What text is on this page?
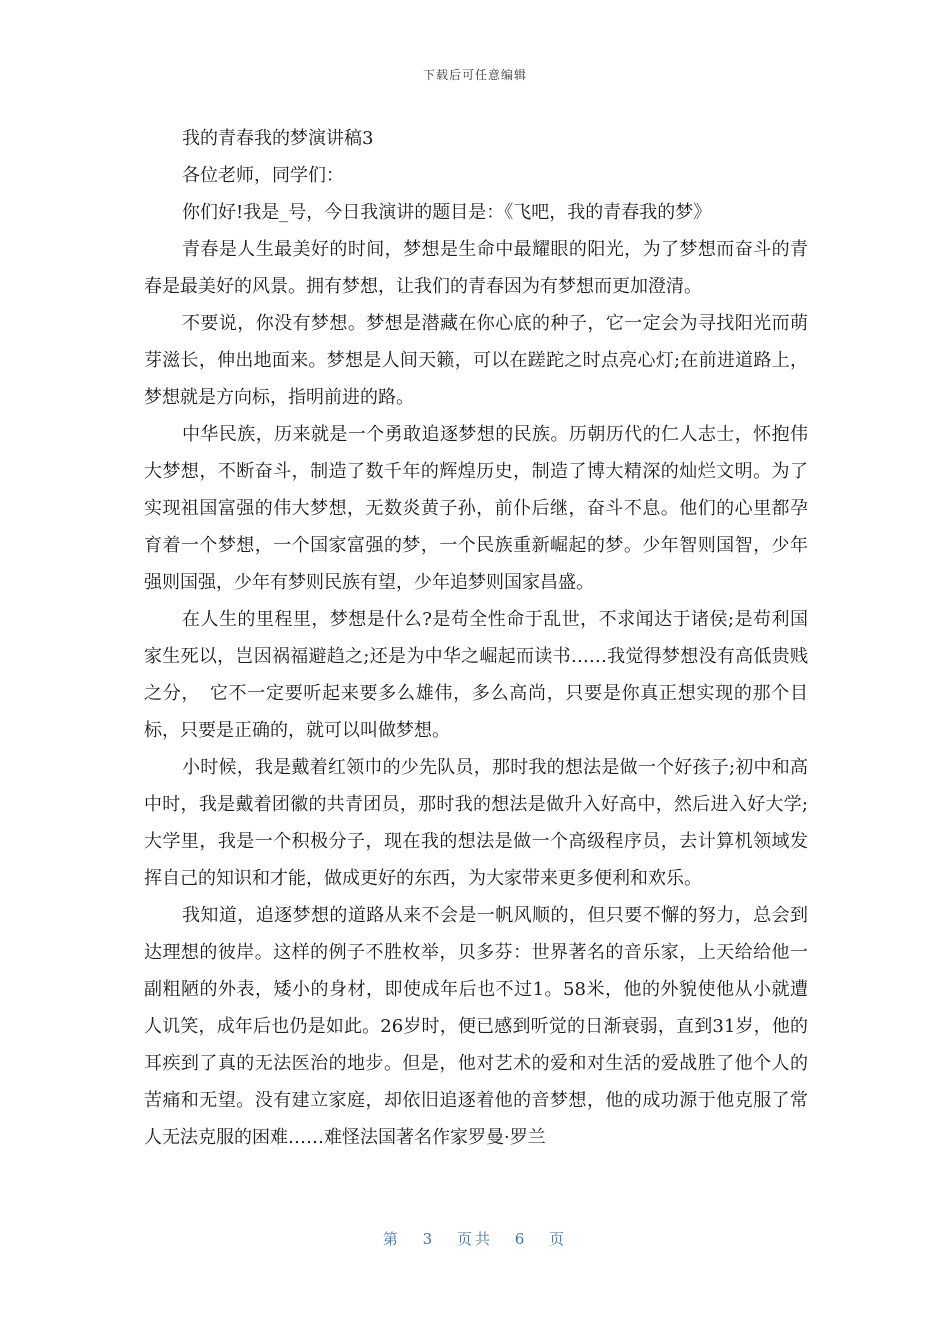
下载后可任意编辑

我的青春我的梦演讲稿3

各位老师，同学们：

你们好!我是_号，今日我演讲的题目是：《飞吧，我的青春我的梦》

青春是人生最美好的时间，梦想是生命中最耀眼的阳光，为了梦想而奋斗的青春是最美好的风景。拥有梦想，让我们的青春因为有梦想而更加澄清。

不要说，你没有梦想。梦想是潜藏在你心底的种子，它一定会为寻找阳光而萌芽滋长，伸出地面来。梦想是人间天籁，可以在蹉跎之时点亮心灯;在前进道路上，梦想就是方向标，指明前进的路。

中华民族，历来就是一个勇敢追逐梦想的民族。历朝历代的仁人志士，怀抱伟大梦想，不断奋斗，制造了数千年的辉煌历史，制造了博大精深的灿烂文明。为了实现祖国富强的伟大梦想，无数炎黄子孙，前仆后继，奋斗不息。他们的心里都孕育着一个梦想，一个国家富强的梦，一个民族重新崛起的梦。少年智则国智，少年强则国强，少年有梦则民族有望，少年追梦则国家昌盛。

在人生的里程里，梦想是什么?是苟全性命于乱世，不求闻达于诸侯;是苟利国家生死以，岂因祸福避趋之;还是为中华之崛起而读书……我觉得梦想没有高低贵贱之分，　它不一定要听起来要多么雄伟，多么高尚，只要是你真正想实现的那个目标，只要是正确的，就可以叫做梦想。

小时候，我是戴着红领巾的少先队员，那时我的想法是做一个好孩子;初中和高中时，我是戴着团徽的共青团员，那时我的想法是做升入好高中，然后进入好大学;大学里，我是一个积极分子，现在我的想法是做一个高级程序员，去计算机领域发挥自己的知识和才能，做成更好的东西，为大家带来更多便利和欢乐。

我知道，追逐梦想的道路从来不会是一帆风顺的，但只要不懈的努力，总会到达理想的彼岸。这样的例子不胜枚举，贝多芬：世界著名的音乐家，上天给给他一副粗陋的外表，矮小的身材，即使成年后也不过1。58米，他的外貌使他从小就遭人讥笑，成年后也仍是如此。26岁时，便已感到听觉的日渐衰弱，直到31岁，他的耳疾到了真的无法医治的地步。但是，他对艺术的爱和对生活的爱战胜了他个人的苦痛和无望。没有建立家庭，却依旧追逐着他的音梦想，他的成功源于他克服了常人无法克服的困难……难怪法国著名作家罗曼·罗兰

第 3 页共 6 页
